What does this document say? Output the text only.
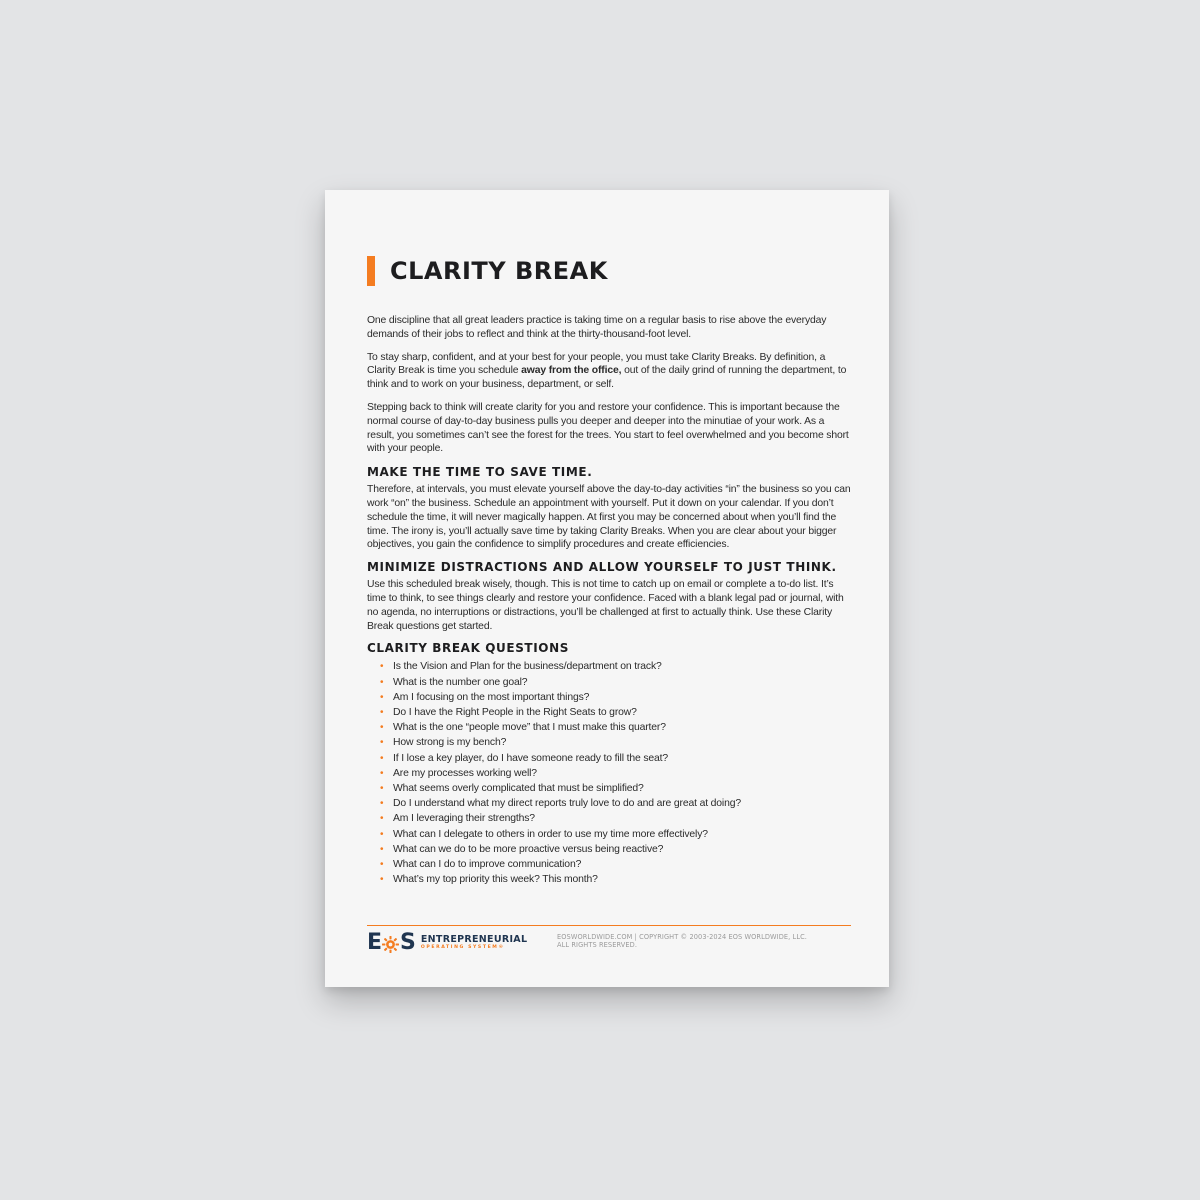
CLARITY BREAK

One discipline that all great leaders practice is taking time on a regular basis to rise above the everyday demands of their jobs to reflect and think at the thirty-thousand-foot level.

To stay sharp, confident, and at your best for your people, you must take Clarity Breaks. By definition, a Clarity Break is time you schedule away from the office, out of the daily grind of running the department, to think and to work on your business, department, or self.

Stepping back to think will create clarity for you and restore your confidence. This is important because the normal course of day-to-day business pulls you deeper and deeper into the minutiae of your work. As a result, you sometimes can’t see the forest for the trees. You start to feel overwhelmed and you become short with your people.

MAKE THE TIME TO SAVE TIME.

Therefore, at intervals, you must elevate yourself above the day-to-day activities “in” the business so you can work “on” the business. Schedule an appointment with yourself. Put it down on your calendar. If you don’t schedule the time, it will never magically happen. At first you may be concerned about when you’ll find the time. The irony is, you’ll actually save time by taking Clarity Breaks. When you are clear about your bigger objectives, you gain the confidence to simplify procedures and create efficiencies.

MINIMIZE DISTRACTIONS AND ALLOW YOURSELF TO JUST THINK.

Use this scheduled break wisely, though. This is not time to catch up on email or complete a to-do list. It’s time to think, to see things clearly and restore your confidence. Faced with a blank legal pad or journal, with no agenda, no interruptions or distractions, you’ll be challenged at first to actually think. Use these Clarity Break questions get started.

CLARITY BREAK QUESTIONS
• Is the Vision and Plan for the business/department on track?
• What is the number one goal?
• Am I focusing on the most important things?
• Do I have the Right People in the Right Seats to grow?
• What is the one “people move” that I must make this quarter?
• How strong is my bench?
• If I lose a key player, do I have someone ready to fill the seat?
• Are my processes working well?
• What seems overly complicated that must be simplified?
• Do I understand what my direct reports truly love to do and are great at doing?
• Am I leveraging their strengths?
• What can I delegate to others in order to use my time more effectively?
• What can we do to be more proactive versus being reactive?
• What can I do to improve communication?
• What’s my top priority this week? This month?
E S ENTREPRENEURIAL
OPERATING SYSTEM®
EOSWORLDWIDE.COM | COPYRIGHT © 2003-2024 EOS WORLDWIDE, LLC.
ALL RIGHTS RESERVED.
